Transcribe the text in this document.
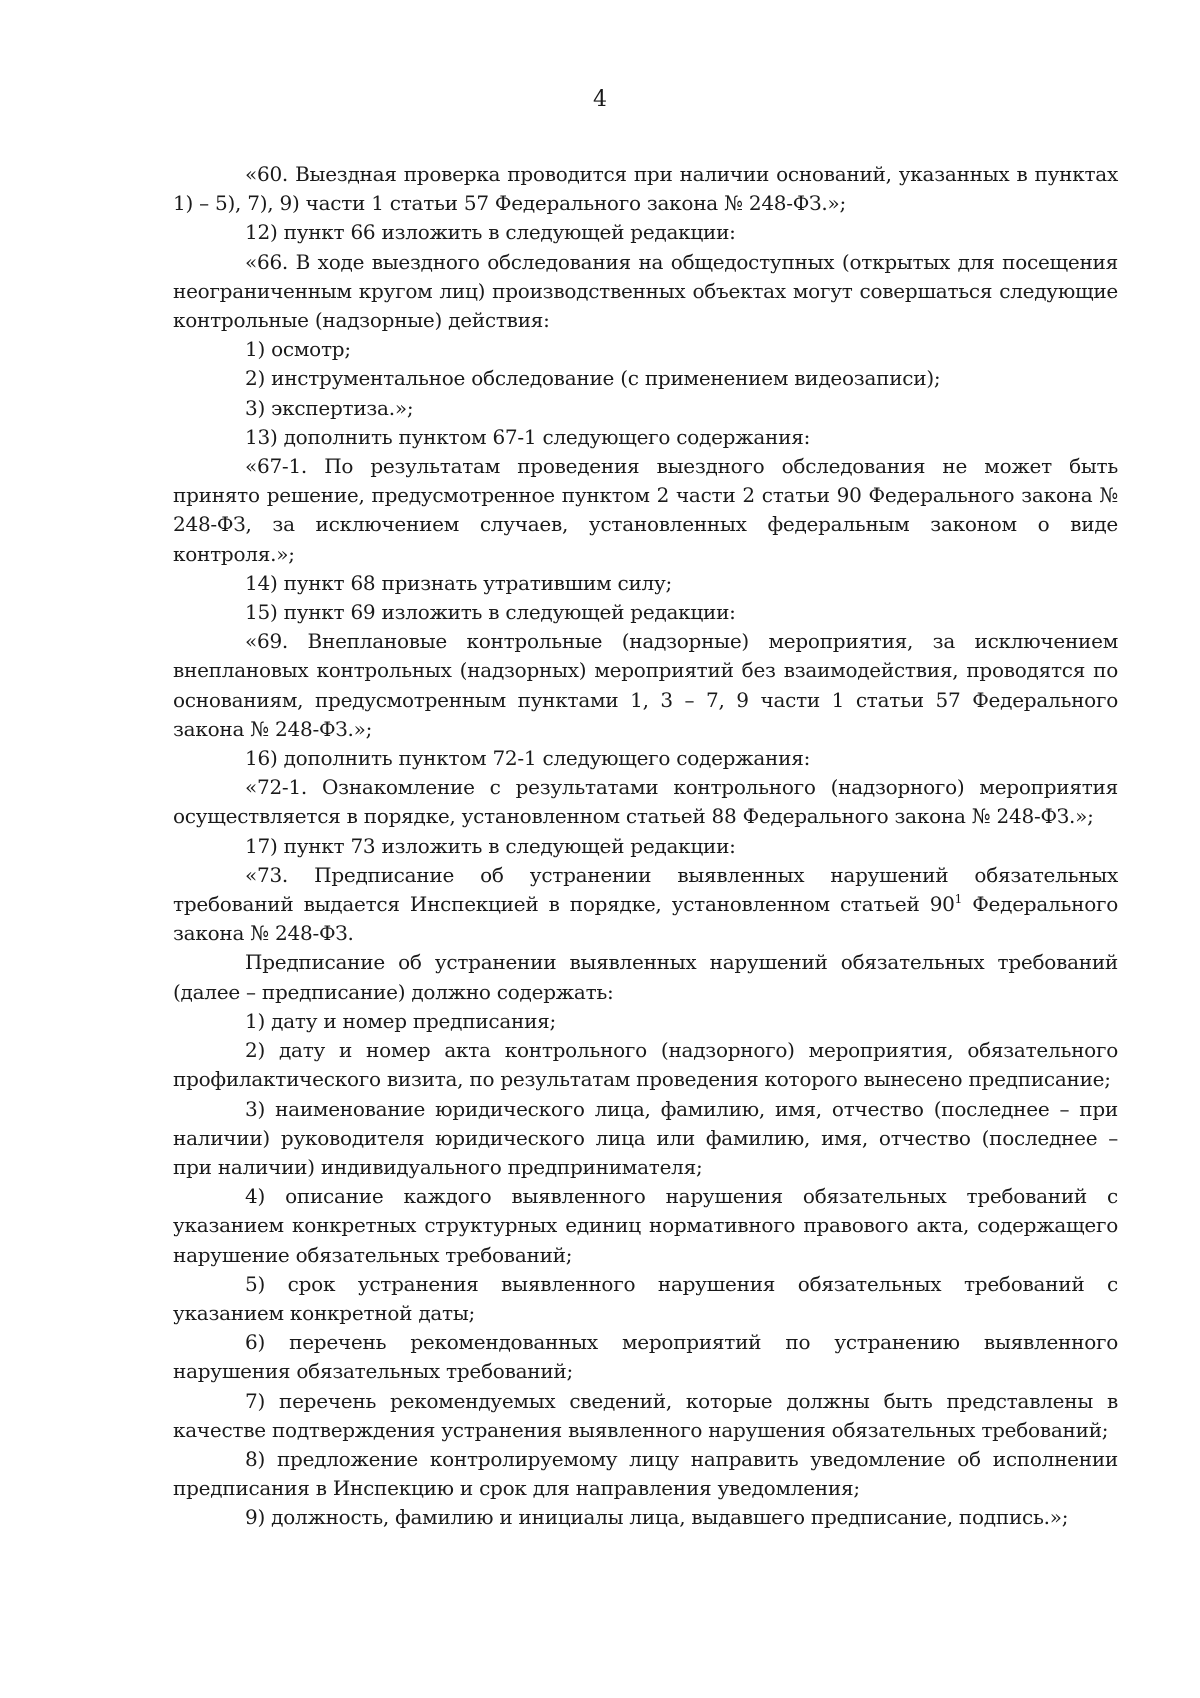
4

«60. Выездная проверка проводится при наличии оснований, указанных в пунктах 1) – 5), 7), 9) части 1 статьи 57 Федерального закона № 248-ФЗ.»;

12) пункт 66 изложить в следующей редакции:

«66. В ходе выездного обследования на общедоступных (открытых для посещения неограниченным кругом лиц) производственных объектах могут совершаться следующие контрольные (надзорные) действия:

1) осмотр;

2) инструментальное обследование (с применением видеозаписи);

3) экспертиза.»;

13) дополнить пунктом 67-1 следующего содержания:

«67-1. По результатам проведения выездного обследования не может быть принято решение, предусмотренное пунктом 2 части 2 статьи 90 Федерального закона № 248-ФЗ, за исключением случаев, установленных федеральным законом о виде контроля.»;

14) пункт 68 признать утратившим силу;

15) пункт 69 изложить в следующей редакции:

«69. Внеплановые контрольные (надзорные) мероприятия, за исключением внеплановых контрольных (надзорных) мероприятий без взаимодействия, проводятся по основаниям, предусмотренным пунктами 1, 3 – 7, 9 части 1 статьи 57 Федерального закона № 248-ФЗ.»;

16) дополнить пунктом 72-1 следующего содержания:

«72-1. Ознакомление с результатами контрольного (надзорного) мероприятия осуществляется в порядке, установленном статьей 88 Федерального закона № 248-ФЗ.»;

17) пункт 73 изложить в следующей редакции:

«73. Предписание об устранении выявленных нарушений обязательных требований выдается Инспекцией в порядке, установленном статьей $90^1$ Федерального закона № 248-ФЗ.

Предписание об устранении выявленных нарушений обязательных требований (далее – предписание) должно содержать:

1) дату и номер предписания;

2) дату и номер акта контрольного (надзорного) мероприятия, обязательного профилактического визита, по результатам проведения которого вынесено предписание;

3) наименование юридического лица, фамилию, имя, отчество (последнее – при наличии) руководителя юридического лица или фамилию, имя, отчество (последнее – при наличии) индивидуального предпринимателя;

4) описание каждого выявленного нарушения обязательных требований с указанием конкретных структурных единиц нормативного правового акта, содержащего нарушение обязательных требований;

5) срок устранения выявленного нарушения обязательных требований с указанием конкретной даты;

6) перечень рекомендованных мероприятий по устранению выявленного нарушения обязательных требований;

7) перечень рекомендуемых сведений, которые должны быть представлены в качестве подтверждения устранения выявленного нарушения обязательных требований;

8) предложение контролируемому лицу направить уведомление об исполнении предписания в Инспекцию и срок для направления уведомления;

9) должность, фамилию и инициалы лица, выдавшего предписание, подпись.»;
